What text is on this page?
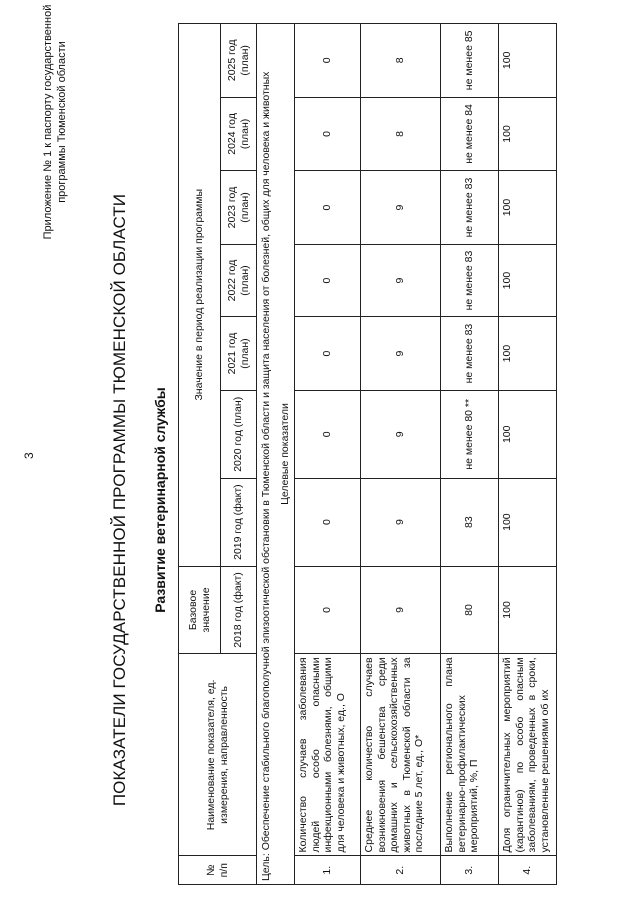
3
Приложение № 1 к паспорту государственной программы Тюменской области
ПОКАЗАТЕЛИ ГОСУДАРСТВЕННОЙ ПРОГРАММЫ ТЮМЕНСКОЙ ОБЛАСТИ Развитие ветеринарной службы
№ п/п	Наименование показателя, ед. измерения, направленность	Базовое значение	Значение в период реализации программы						
		2018 год (факт)	2019 год (факт)	2020 год (план)	2021 год (план)	2022 год (план)	2023 год (план)	2024 год (план)	2025 год (план)
Цель: Обеспечение стабильного благополучной эпизоотической обстановки в Тюменской области и защита населения от болезней, общих для человека и животных									
Целевые показатели									
1.	Количество случаев заболевания людей особо опасными инфекционными болезнями, общими для человека и животных, ед., О	0	0	0	0	0	0	0	0
2.	Среднее количество случаев возникновения бешенства среди домашних и сельскохозяйственных животных в Тюменской области за последние 5 лет, ед., О*	9	9	9	9	9	9	8	8
3.	Выполнение регионального плана ветеринарно-профилактических мероприятий, %, П	80	83	не менее 80 **	не менее 83	не менее 83	не менее 83	не менее 84	не менее 85
4.	Доля ограничительных мероприятий (карантинов) по особо опасным заболеваниям, проведенных в сроки, установленные решениями об их	100	100	100	100	100	100	100	100
